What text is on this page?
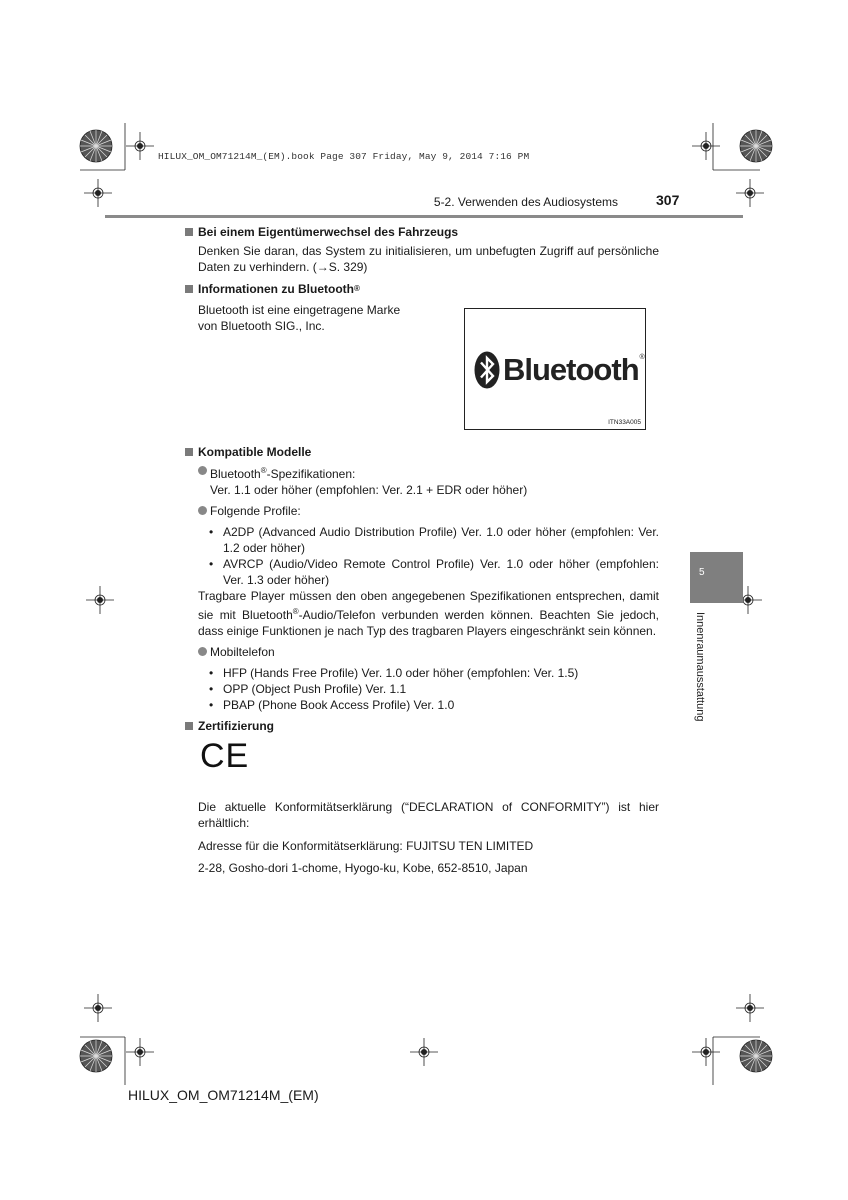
HILUX_OM_OM71214M_(EM).book Page 307 Friday, May 9, 2014 7:16 PM
5-2. Verwenden des Audiosystems	307
5
Innenraumausstattung
Bluetooth ®
ITN33A005
Bei einem Eigentümerwechsel des Fahrzeugs

Denken Sie daran, das System zu initialisieren, um unbefugten Zugriff auf persönliche Daten zu verhindern. (→S. 329)

Informationen zu Bluetooth ®

Bluetooth ist eine eingetragene Marke von Bluetooth SIG., Inc.

Kompatible Modelle
Bluetooth®-Spezifikationen:
Ver. 1.1 oder höher (empfohlen: Ver. 2.1 + EDR oder höher)
Folgende Profile:
• A2DP (Advanced Audio Distribution Profile) Ver. 1.0 oder höher (empfohlen: Ver. 1.2 oder höher)
• AVRCP (Audio/Video Remote Control Profile) Ver. 1.0 oder höher (empfohlen: Ver. 1.3 oder höher)

Tragbare Player müssen den oben angegebenen Spezifikationen entsprechen, damit sie mit Bluetooth®-Audio/Telefon verbunden werden können. Beachten Sie jedoch, dass einige Funktionen je nach Typ des tragbaren Players eingeschränkt sein können.

Mobiltelefon
• HFP (Hands Free Profile) Ver. 1.0 oder höher (empfohlen: Ver. 1.5)
• OPP (Object Push Profile) Ver. 1.1
• PBAP (Phone Book Access Profile) Ver. 1.0
Zertifizierung
CE

Die aktuelle Konformitätserklärung (“DECLARATION of CONFORMITY”) ist hier erhältlich:

Adresse für die Konformitätserklärung: FUJITSU TEN LIMITED

2-28, Gosho-dori 1-chome, Hyogo-ku, Kobe, 652-8510, Japan

HILUX_OM_OM71214M_(EM)
